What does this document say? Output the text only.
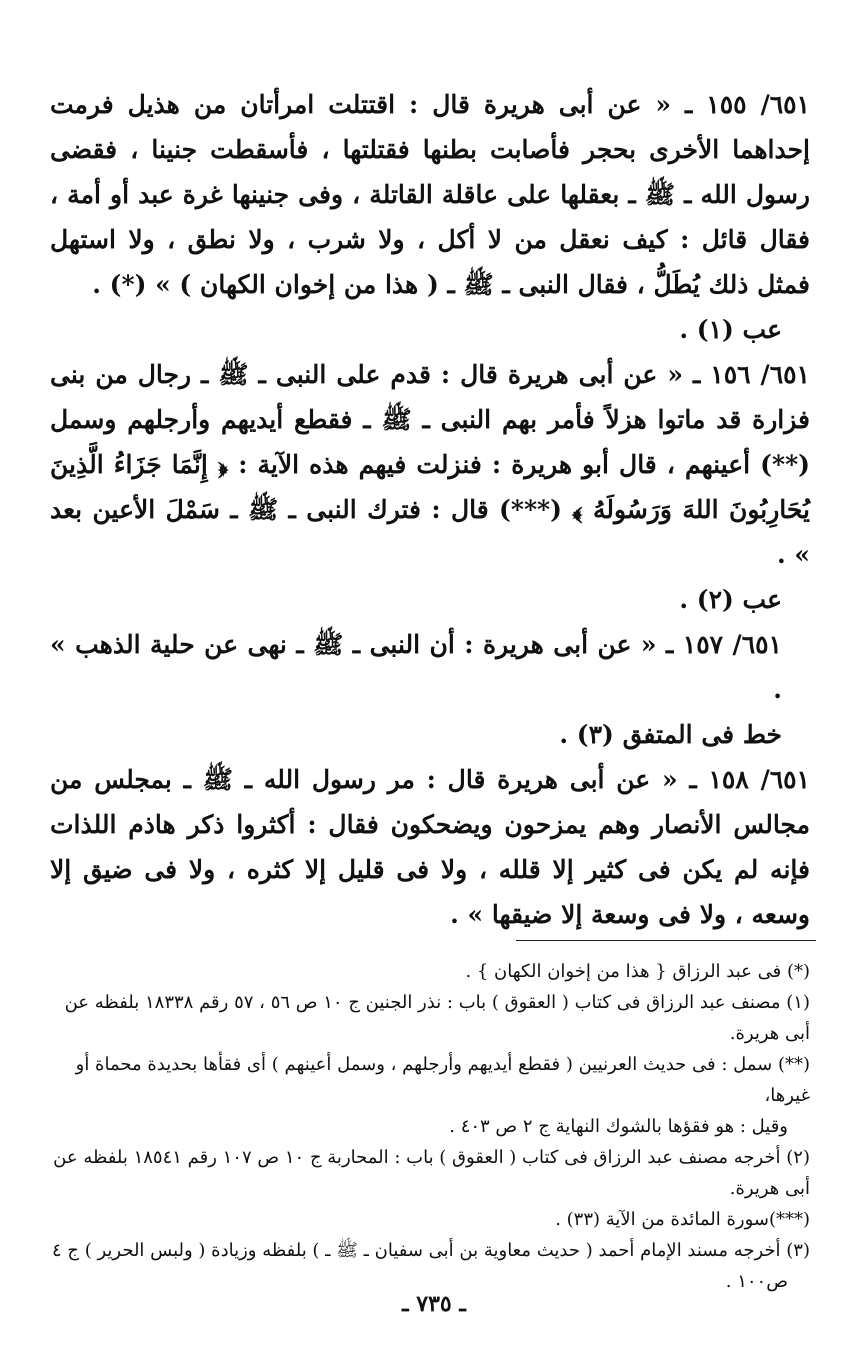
٦٥١/ ١٥٥ ـ « عن أبى هريرة قال : اقتتلت امرأتان من هذيل فرمت إحداهما الأخرى بحجر فأصابت بطنها فقتلتها ، فأسقطت جنينا ، فقضى رسول الله ـ ﷺ ـ بعقلها على عاقلة القاتلة ، وفى جنينها غرة عبد أو أمة ، فقال قائل : كيف نعقل من لا أكل ، ولا شرب ، ولا نطق ، ولا استهل فمثل ذلك يُطَلُّ ، فقال النبى ـ ﷺ ـ ( هذا من إخوان الكهان ) » (*) .

عب (١) .

٦٥١/ ١٥٦ ـ « عن أبى هريرة قال : قدم على النبى ـ ﷺ ـ رجال من بنى فزارة قد ماتوا هزلاً فأمر بهم النبى ـ ﷺ ـ فقطع أيديهم وأرجلهم وسمل (**) أعينهم ، قال أبو هريرة : فنزلت فيهم هذه الآية : ﴿ إِنَّمَا جَزَاءُ الَّذِينَ يُحَارِبُونَ اللهَ وَرَسُولَهُ ﴾ (***) قال : فترك النبى ـ ﷺ ـ سَمْلَ الأعين بعد » .

عب (٢) .

٦٥١/ ١٥٧ ـ « عن أبى هريرة : أن النبى ـ ﷺ ـ نهى عن حلية الذهب » .

خط فى المتفق (٣) .

٦٥١/ ١٥٨ ـ « عن أبى هريرة قال : مر رسول الله ـ ﷺ ـ بمجلس من مجالس الأنصار وهم يمزحون ويضحكون فقال : أكثروا ذكر هاذم اللذات فإنه لم يكن فى كثير إلا قلله ، ولا فى قليل إلا كثره ، ولا فى ضيق إلا وسعه ، ولا فى وسعة إلا ضيقها » .

(*) فى عبد الرزاق { هذا من إخوان الكهان } .

(١) مصنف عبد الرزاق فى كتاب ( العقوق ) باب : نذر الجنين ج ١٠ ص ٥٦ ، ٥٧ رقم ١٨٣٣٨ بلفظه عن أبى هريرة.

(**) سمل : فى حديث العرنيين ( فقطع أيديهم وأرجلهم ، وسمل أعينهم ) أى فقأها بحديدة محماة أو غيرها،

وقيل : هو فقؤها بالشوك النهاية ج ٢ ص ٤٠٣ .

(٢) أخرجه مصنف عبد الرزاق فى كتاب ( العقوق ) باب : المحاربة ج ١٠ ص ١٠٧ رقم ١٨٥٤١ بلفظه عن أبى هريرة.

(***)سورة المائدة من الآية (٣٣) .

(٣) أخرجه مسند الإمام أحمد ( حديث معاوية بن أبى سفيان ـ ﷺ ـ ) بلفظه وزيادة ( ولبس الحرير ) ج ٤

ص١٠٠ .

ـ ٧٣٥ ـ
